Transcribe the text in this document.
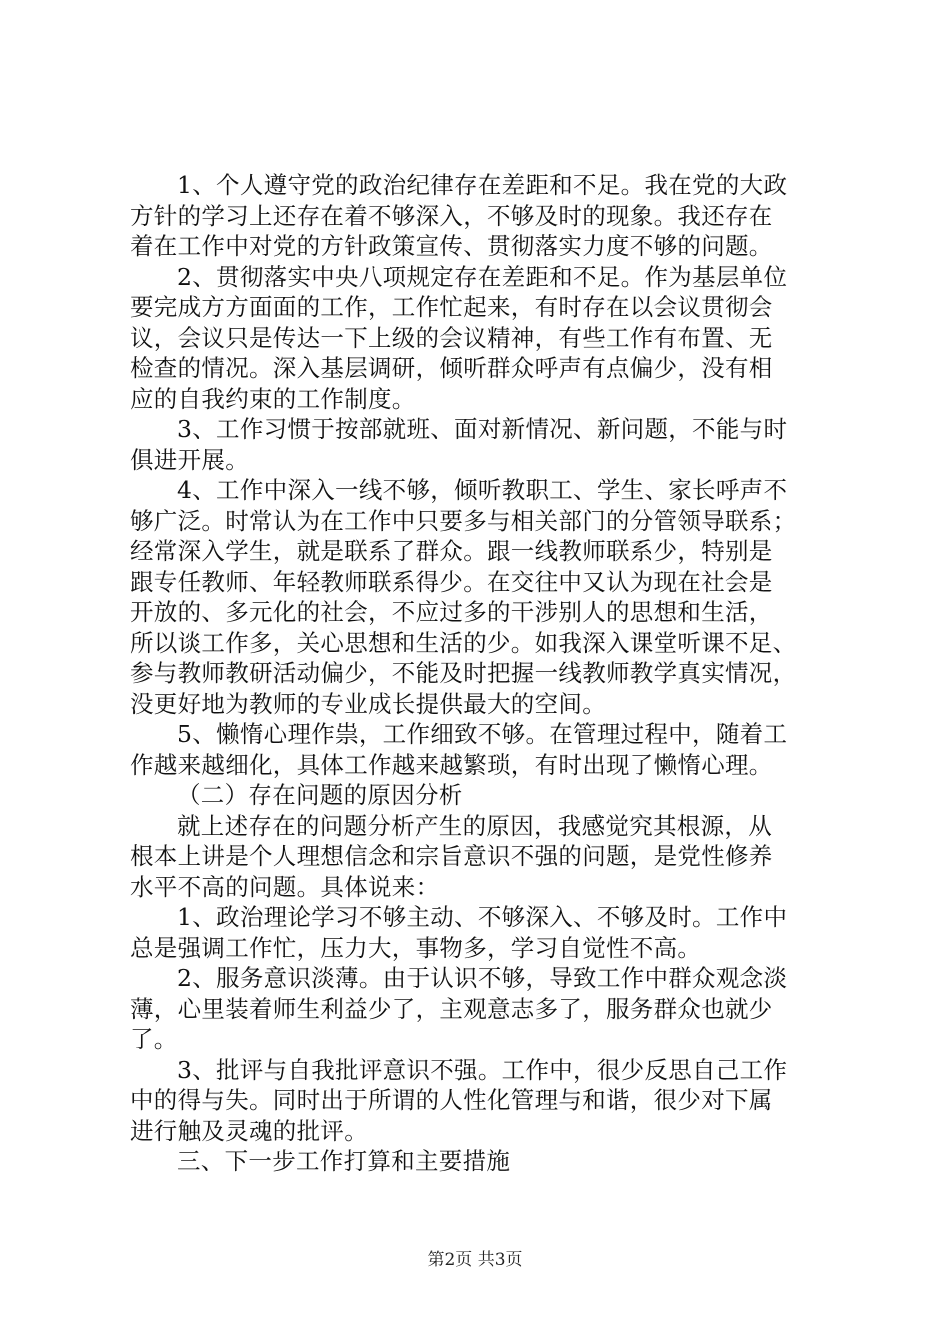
1、个人遵守党的政治纪律存在差距和不足。我在党的大政
方针的学习上还存在着不够深入，不够及时的现象。我还存在
着在工作中对党的方针政策宣传、贯彻落实力度不够的问题。
2、贯彻落实中央八项规定存在差距和不足。作为基层单位
要完成方方面面的工作，工作忙起来，有时存在以会议贯彻会
议，会议只是传达一下上级的会议精神，有些工作有布置、无
检查的情况。深入基层调研，倾听群众呼声有点偏少，没有相
应的自我约束的工作制度。
3、工作习惯于按部就班、面对新情况、新问题，不能与时
俱进开展。
4、工作中深入一线不够，倾听教职工、学生、家长呼声不
够广泛。时常认为在工作中只要多与相关部门的分管领导联系；
经常深入学生，就是联系了群众。跟一线教师联系少，特别是
跟专任教师、年轻教师联系得少。在交往中又认为现在社会是
开放的、多元化的社会，不应过多的干涉别人的思想和生活，
所以谈工作多，关心思想和生活的少。如我深入课堂听课不足、
参与教师教研活动偏少，不能及时把握一线教师教学真实情况，
没更好地为教师的专业成长提供最大的空间。
5、懒惰心理作祟，工作细致不够。在管理过程中，随着工
作越来越细化，具体工作越来越繁琐，有时出现了懒惰心理。
（二）存在问题的原因分析
就上述存在的问题分析产生的原因，我感觉究其根源，从
根本上讲是个人理想信念和宗旨意识不强的问题，是党性修养
水平不高的问题。具体说来：
1、政治理论学习不够主动、不够深入、不够及时。工作中
总是强调工作忙，压力大，事物多，学习自觉性不高。
2、服务意识淡薄。由于认识不够，导致工作中群众观念淡
薄，心里装着师生利益少了，主观意志多了，服务群众也就少
了。
3、批评与自我批评意识不强。工作中，很少反思自己工作
中的得与失。同时出于所谓的人性化管理与和谐，很少对下属
进行触及灵魂的批评。
三、下一步工作打算和主要措施
第2页 共3页
